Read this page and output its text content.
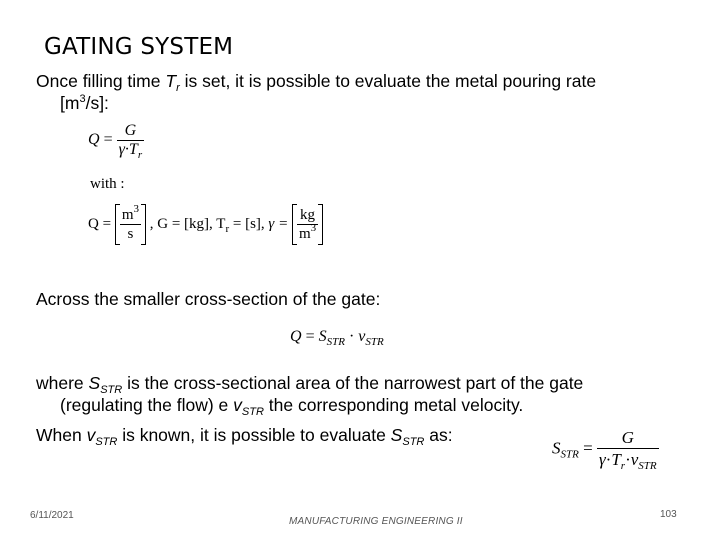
GATING SYSTEM
Once filling time $T_r$ is set, it is possible to evaluate the metal pouring rate
$[m^3/s]$:
$Q = \frac{G}{\gamma\cdot T_r}$
with :
$Q = \frac{m^3}{s}$ , G = [kg], $T_r = [s]$, $\gamma = \frac{kg}{m^3}$
Across the smaller cross-section of the gate:
$Q = S_{STR} \cdot v_{STR}$
where $S_{STR}$ is the cross-sectional area of the narrowest part of the gate
(regulating the flow) e $v_{STR}$ the corresponding metal velocity.
When $v_{STR}$ is known, it is possible to evaluate $S_{STR}$ as:
$S_{STR} = \frac{G}{\gamma\cdot T_r\cdot v_{STR}}$
6/11/2021
MANUFACTURING ENGINEERING II
103
